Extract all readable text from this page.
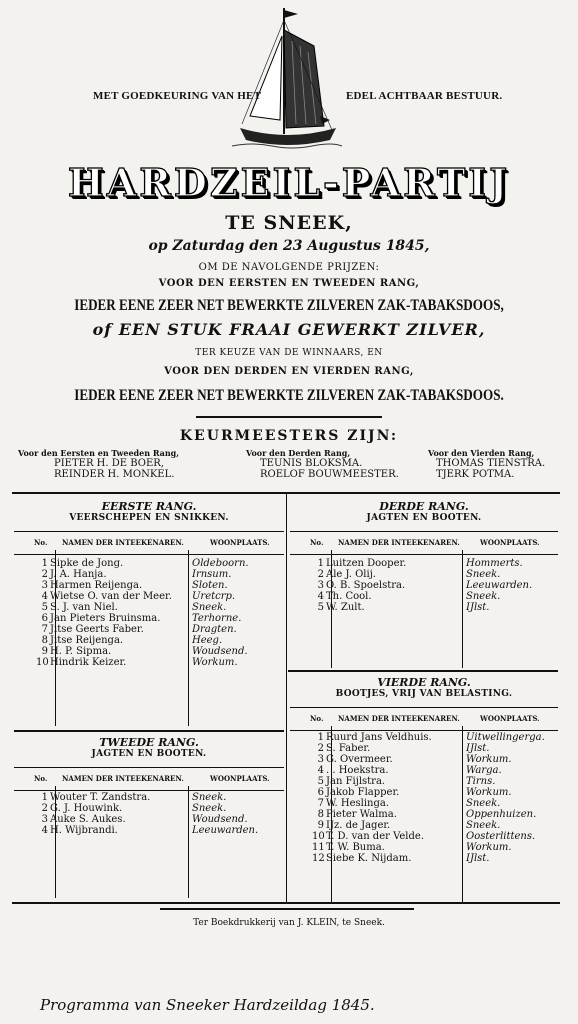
MET GOEDKEURING VAN HET	EDEL ACHTBAAR BESTUUR.
HARDZEIL-PARTIJ
TE SNEEK,
op Zaturdag den 23 Augustus 1845,
OM DE NAVOLGENDE PRIJZEN:
VOOR DEN EERSTEN EN TWEEDEN RANG,
IEDER EENE ZEER NET BEWERKTE ZILVEREN ZAK-TABAKSDOOS,
of EEN STUK FRAAI GEWERKT ZILVER,
TER KEUZE VAN DE WINNAARS, EN
VOOR DEN DERDEN EN VIERDEN RANG,
IEDER EENE ZEER NET BEWERKTE ZILVEREN ZAK-TABAKSDOOS.
KEURMEESTERS ZIJN:
Voor den Eersten en Tweeden Rang,
PIETER H. DE BOER,
REINDER H. MONKEL.
Voor den Derden Rang,
TEUNIS BLOKSMA.
ROELOF BOUWMEESTER.
Voor den Vierden Rang,
THOMAS TIENSTRA.
TJERK POTMA.
EERSTE RANG.
VEERSCHEPEN EN SNIKKEN.
No. NAMEN DER INTEEKENAREN.	WOONPLAATS.
1 Sipke de Jong.	Oldeboorn.
2 J. A. Hanja.	Irnsum.
3 Harmen Reijenga.	Sloten.
4 Wietse O. van der Meer. Uretcrp.
5 S. J. van Niel.	Sneek.
6 Jan Pieters Bruinsma.	Terhorne.
7 Jitse Geerts Faber.	Dragten.
8 Jitse Reijenga.	Heeg.
9 H. P. Sipma.	Woudsend.
10Hindrik Keizer.	Workum.
TWEEDE RANG.
JAGTEN EN BOOTEN.
No. NAMEN DER INTEEKENAREN.	WOONPLAATS.
1 Wouter T. Zandstra.	Sneek.
2 G. J. Houwink.	Sneek.
3 Auke S. Aukes.	Woudsend.
4 H. Wijbrandi.	Leeuwarden.
DERDE RANG.
JAGTEN EN BOOTEN.
No. NAMEN DER INTEEKENAREN.	WOONPLAATS.
1 Luitzen Dooper.	Hommerts.
2 Ale J. Olij.	Sneek.
3 O. B. Spoelstra.	Leeuwarden.
4 Th. Cool.	Sneek.
5 W. Zult.	IJlst.
VIERDE RANG.
BOOTJES, VRIJ VAN BELASTING.
No. NAMEN DER INTEEKENAREN.	WOONPLAATS.
1 Ruurd Jans Veldhuis.	Uitwellingerga.
2 S. Faber.	IJlst.
3 G. Overmeer.	Workum.
4 . . Hoekstra.	Warga.
5 Jan Fijlstra.	Tirns.
6 Jakob Flapper.	Workum.
7 W. Heslinga.	Sneek.
8 Pieter Walma.	Oppenhuizen.
9 IJz. de Jager.	Sneek.
10T. D. van der Velde.	Oosterlittens.
11T. W. Buma.	Workum.
12Siebe K. Nijdam.	IJlst.
Ter Boekdrukkerij van J. KLEIN, te Sneek.
Programma van Sneeker Hardzeildag 1845.
